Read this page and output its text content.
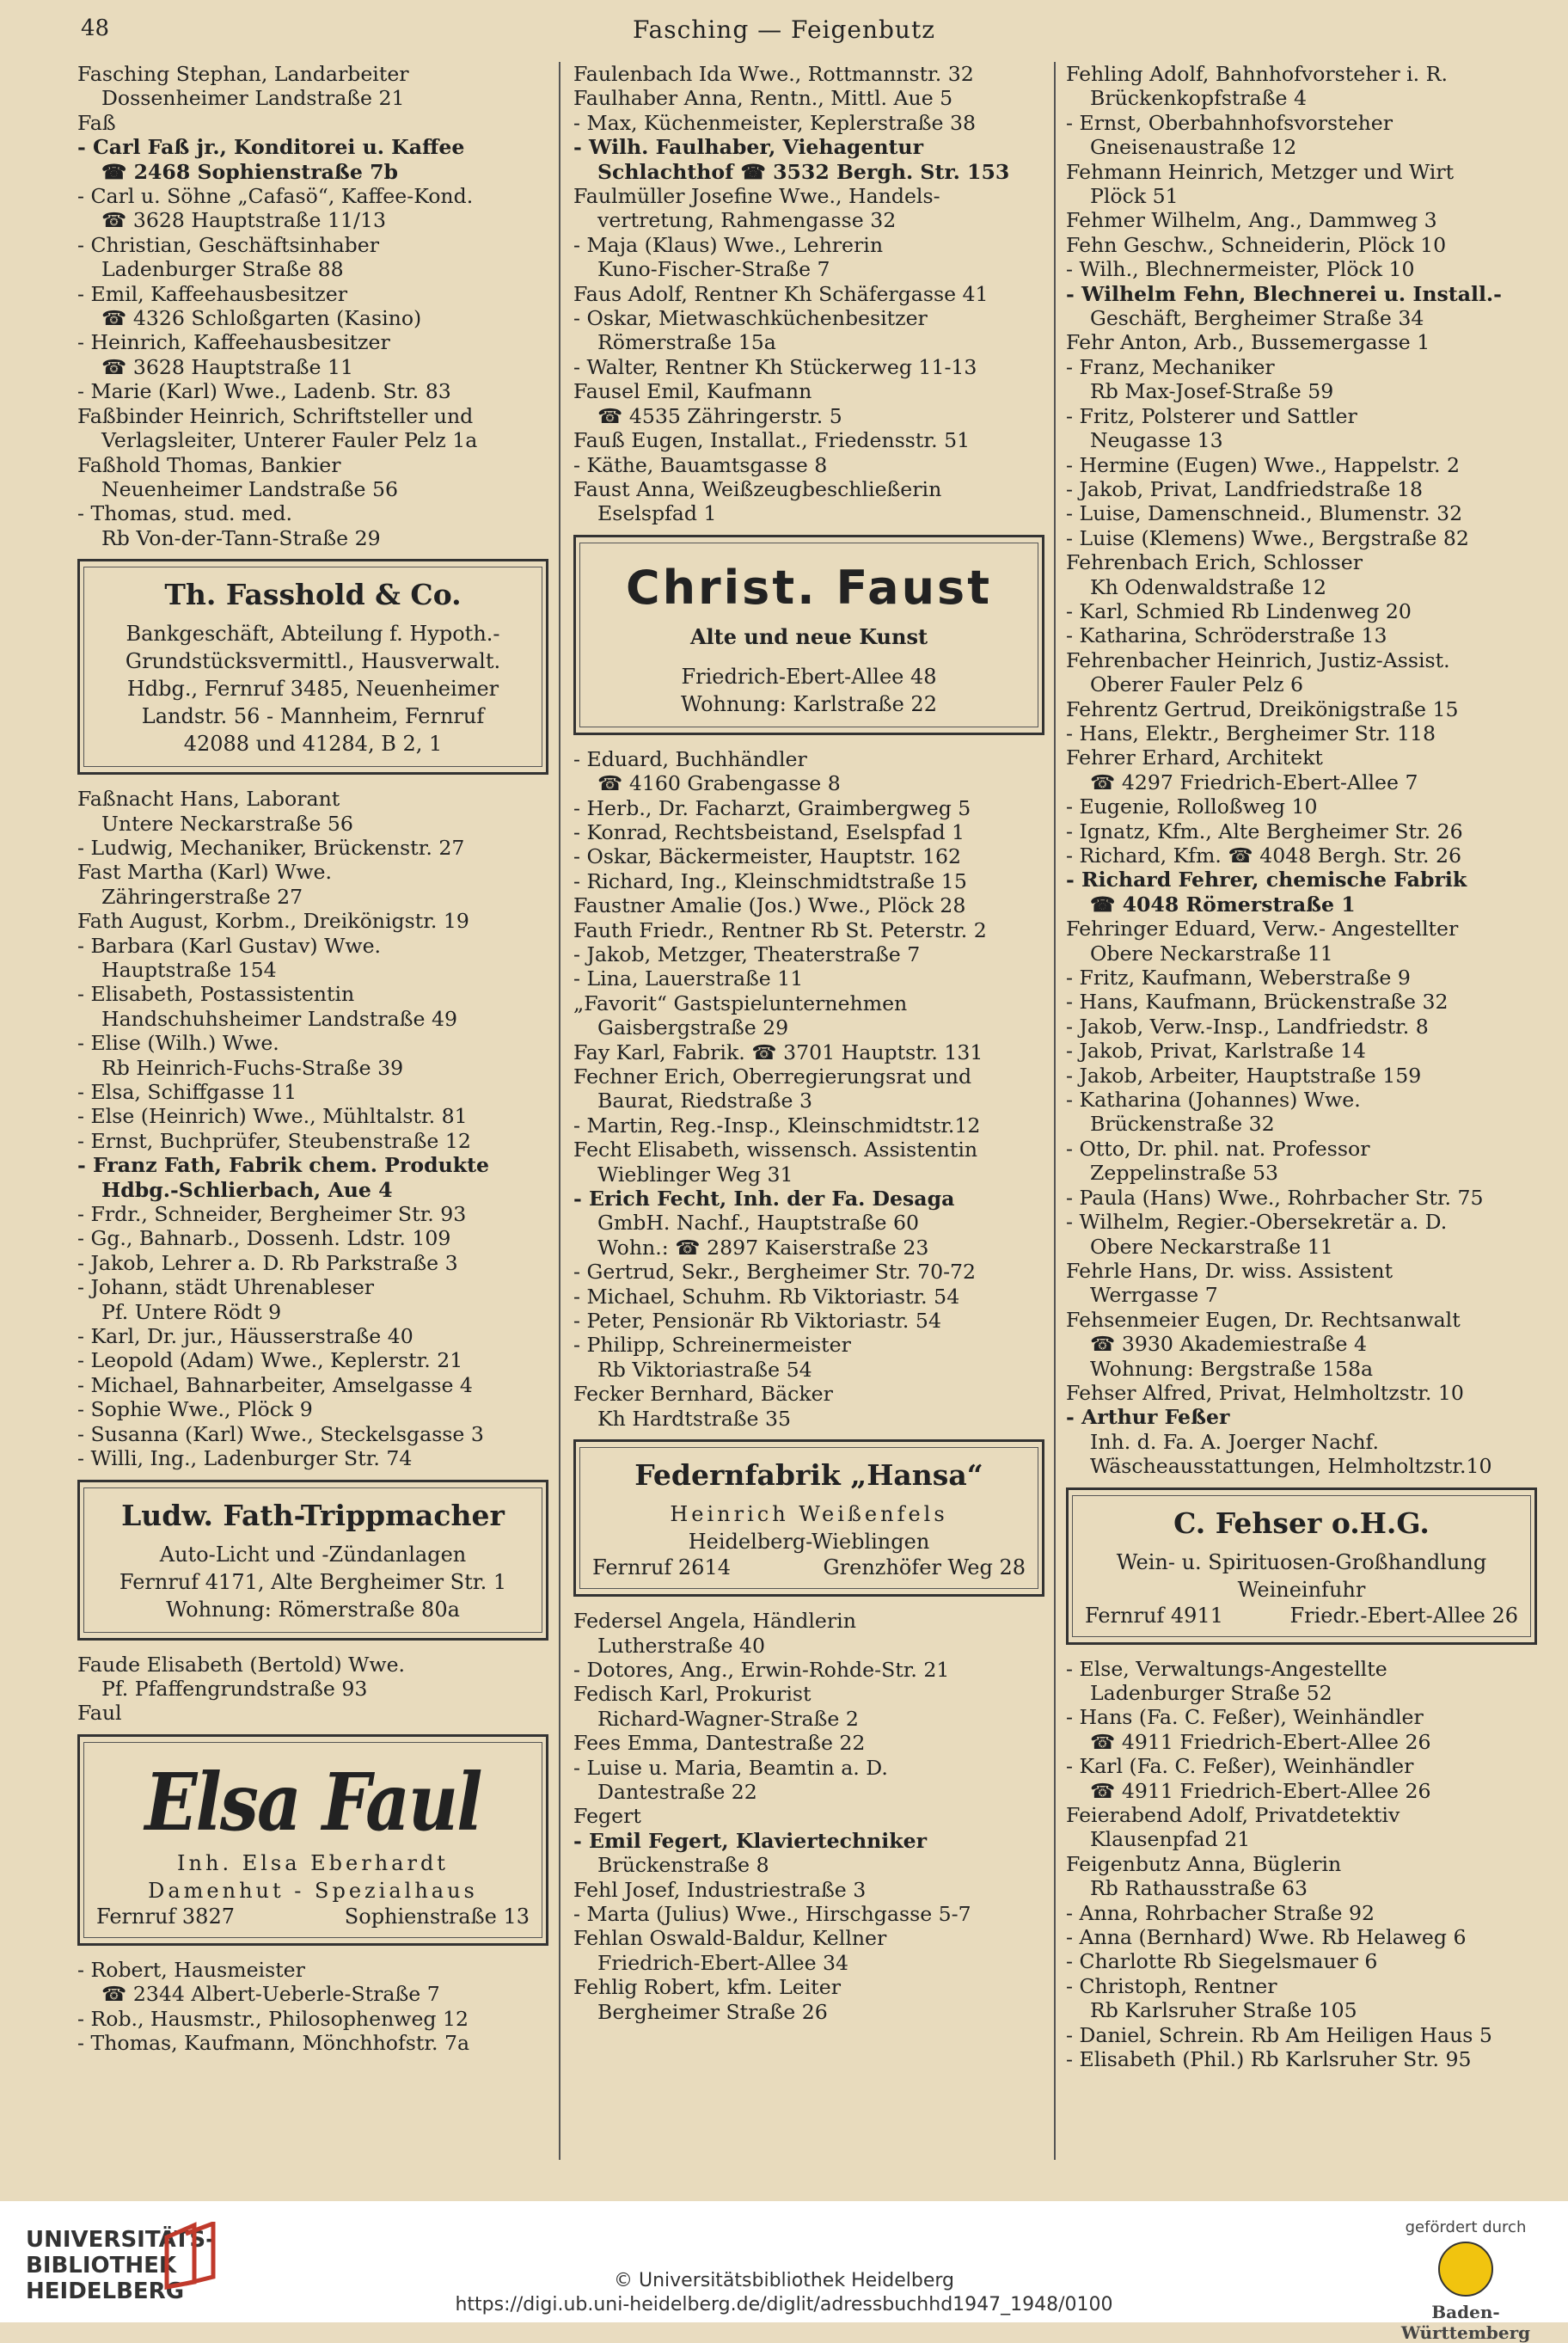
48	Fasching — Feigenbutz
Fasching Stephan, Landarbeiter
Dossenheimer Landstraße 21
Faß
- Carl Faß jr., Konditorei u. Kaffee
☎ 2468 Sophienstraße 7b
- Carl u. Söhne „Cafasö“, Kaffee-Kond.
☎ 3628 Hauptstraße 11/13
- Christian, Geschäftsinhaber
Ladenburger Straße 88
- Emil, Kaffeehausbesitzer
☎ 4326 Schloßgarten (Kasino)
- Heinrich, Kaffeehausbesitzer
☎ 3628 Hauptstraße 11
- Marie (Karl) Wwe., Ladenb. Str. 83
Faßbinder Heinrich, Schriftsteller und
Verlagsleiter, Unterer Fauler Pelz 1a
Faßhold Thomas, Bankier
Neuenheimer Landstraße 56
- Thomas, stud. med.
Rb Von-der-Tann-Straße 29
Th. Fasshold & Co.
Bankgeschäft, Abteilung f. Hypoth.-
Grundstücksvermittl., Hausverwalt.
Hdbg., Fernruf 3485, Neuenheimer
Landstr. 56 - Mannheim, Fernruf
42088 und 41284, B 2, 1
Faßnacht Hans, Laborant
Untere Neckarstraße 56
- Ludwig, Mechaniker, Brückenstr. 27
Fast Martha (Karl) Wwe.
Zähringerstraße 27
Fath August, Korbm., Dreikönigstr. 19
- Barbara (Karl Gustav) Wwe.
Hauptstraße 154
- Elisabeth, Postassistentin
Handschuhsheimer Landstraße 49
- Elise (Wilh.) Wwe.
Rb Heinrich-Fuchs-Straße 39
- Elsa, Schiffgasse 11
- Else (Heinrich) Wwe., Mühltalstr. 81
- Ernst, Buchprüfer, Steubenstraße 12
- Franz Fath, Fabrik chem. Produkte
Hdbg.-Schlierbach, Aue 4
- Frdr., Schneider, Bergheimer Str. 93
- Gg., Bahnarb., Dossenh. Ldstr. 109
- Jakob, Lehrer a. D. Rb Parkstraße 3
- Johann, städt Uhrenableser
Pf. Untere Rödt 9
- Karl, Dr. jur., Häusserstraße 40
- Leopold (Adam) Wwe., Keplerstr. 21
- Michael, Bahnarbeiter, Amselgasse 4
- Sophie Wwe., Plöck 9
- Susanna (Karl) Wwe., Steckelsgasse 3
- Willi, Ing., Ladenburger Str. 74
Ludw. Fath-Trippmacher
Auto-Licht und -Zündanlagen
Fernruf 4171, Alte Bergheimer Str. 1
Wohnung: Römerstraße 80a
Faude Elisabeth (Bertold) Wwe.
Pf. Pfaffengrundstraße 93
Faul
Elsa Faul
Inh. Elsa Eberhardt
Damenhut - Spezialhaus
Fernruf 3827	Sophienstraße 13
- Robert, Hausmeister
☎ 2344 Albert-Ueberle-Straße 7
- Rob., Hausmstr., Philosophenweg 12
- Thomas, Kaufmann, Mönchhofstr. 7a
Faulenbach Ida Wwe., Rottmannstr. 32
Faulhaber Anna, Rentn., Mittl. Aue 5
- Max, Küchenmeister, Keplerstraße 38
- Wilh. Faulhaber, Viehagentur
Schlachthof ☎ 3532 Bergh. Str. 153
Faulmüller Josefine Wwe., Handels-
vertretung, Rahmengasse 32
- Maja (Klaus) Wwe., Lehrerin
Kuno-Fischer-Straße 7
Faus Adolf, Rentner Kh Schäfergasse 41
- Oskar, Mietwaschküchenbesitzer
Römerstraße 15a
- Walter, Rentner Kh Stückerweg 11-13
Fausel Emil, Kaufmann
☎ 4535 Zähringerstr. 5
Fauß Eugen, Installat., Friedensstr. 51
- Käthe, Bauamtsgasse 8
Faust Anna, Weißzeugbeschließerin
Eselspfad 1
Christ. Faust
Alte und neue Kunst
Friedrich-Ebert-Allee 48
Wohnung: Karlstraße 22
- Eduard, Buchhändler
☎ 4160 Grabengasse 8
- Herb., Dr. Facharzt, Graimbergweg 5
- Konrad, Rechtsbeistand, Eselspfad 1
- Oskar, Bäckermeister, Hauptstr. 162
- Richard, Ing., Kleinschmidtstraße 15
Faustner Amalie (Jos.) Wwe., Plöck 28
Fauth Friedr., Rentner Rb St. Peterstr. 2
- Jakob, Metzger, Theaterstraße 7
- Lina, Lauerstraße 11
„Favorit“ Gastspielunternehmen
Gaisbergstraße 29
Fay Karl, Fabrik. ☎ 3701 Hauptstr. 131
Fechner Erich, Oberregierungsrat und
Baurat, Riedstraße 3
- Martin, Reg.-Insp., Kleinschmidtstr.12
Fecht Elisabeth, wissensch. Assistentin
Wieblinger Weg 31
- Erich Fecht, Inh. der Fa. Desaga
GmbH. Nachf., Hauptstraße 60
Wohn.: ☎ 2897 Kaiserstraße 23
- Gertrud, Sekr., Bergheimer Str. 70-72
- Michael, Schuhm. Rb Viktoriastr. 54
- Peter, Pensionär Rb Viktoriastr. 54
- Philipp, Schreinermeister
Rb Viktoriastraße 54
Fecker Bernhard, Bäcker
Kh Hardtstraße 35
Federnfabrik „Hansa“
Heinrich Weißenfels
Heidelberg-Wieblingen
Fernruf 2614	Grenzhöfer Weg 28
Federsel Angela, Händlerin
Lutherstraße 40
- Dotores, Ang., Erwin-Rohde-Str. 21
Fedisch Karl, Prokurist
Richard-Wagner-Straße 2
Fees Emma, Dantestraße 22
- Luise u. Maria, Beamtin a. D.
Dantestraße 22
Fegert
- Emil Fegert, Klaviertechniker
Brückenstraße 8
Fehl Josef, Industriestraße 3
- Marta (Julius) Wwe., Hirschgasse 5-7
Fehlan Oswald-Baldur, Kellner
Friedrich-Ebert-Allee 34
Fehlig Robert, kfm. Leiter
Bergheimer Straße 26
Fehling Adolf, Bahnhofvorsteher i. R.
Brückenkopfstraße 4
- Ernst, Oberbahnhofsvorsteher
Gneisenaustraße 12
Fehmann Heinrich, Metzger und Wirt
Plöck 51
Fehmer Wilhelm, Ang., Dammweg 3
Fehn Geschw., Schneiderin, Plöck 10
- Wilh., Blechnermeister, Plöck 10
- Wilhelm Fehn, Blechnerei u. Install.-
Geschäft, Bergheimer Straße 34
Fehr Anton, Arb., Bussemergasse 1
- Franz, Mechaniker
Rb Max-Josef-Straße 59
- Fritz, Polsterer und Sattler
Neugasse 13
- Hermine (Eugen) Wwe., Happelstr. 2
- Jakob, Privat, Landfriedstraße 18
- Luise, Damenschneid., Blumenstr. 32
- Luise (Klemens) Wwe., Bergstraße 82
Fehrenbach Erich, Schlosser
Kh Odenwaldstraße 12
- Karl, Schmied Rb Lindenweg 20
- Katharina, Schröderstraße 13
Fehrenbacher Heinrich, Justiz-Assist.
Oberer Fauler Pelz 6
Fehrentz Gertrud, Dreikönigstraße 15
- Hans, Elektr., Bergheimer Str. 118
Fehrer Erhard, Architekt
☎ 4297 Friedrich-Ebert-Allee 7
- Eugenie, Rolloßweg 10
- Ignatz, Kfm., Alte Bergheimer Str. 26
- Richard, Kfm. ☎ 4048 Bergh. Str. 26
- Richard Fehrer, chemische Fabrik
☎ 4048 Römerstraße 1
Fehringer Eduard, Verw.- Angestellter
Obere Neckarstraße 11
- Fritz, Kaufmann, Weberstraße 9
- Hans, Kaufmann, Brückenstraße 32
- Jakob, Verw.-Insp., Landfriedstr. 8
- Jakob, Privat, Karlstraße 14
- Jakob, Arbeiter, Hauptstraße 159
- Katharina (Johannes) Wwe.
Brückenstraße 32
- Otto, Dr. phil. nat. Professor
Zeppelinstraße 53
- Paula (Hans) Wwe., Rohrbacher Str. 75
- Wilhelm, Regier.-Obersekretär a. D.
Obere Neckarstraße 11
Fehrle Hans, Dr. wiss. Assistent
Werrgasse 7
Fehsenmeier Eugen, Dr. Rechtsanwalt
☎ 3930 Akademiestraße 4
Wohnung: Bergstraße 158a
Fehser Alfred, Privat, Helmholtzstr. 10
- Arthur Feßer
Inh. d. Fa. A. Joerger Nachf.
Wäscheausstattungen, Helmholtzstr.10
C. Fehser o.H.G.
Wein- u. Spirituosen-Großhandlung
Weineinfuhr
Fernruf 4911	Friedr.-Ebert-Allee 26
- Else, Verwaltungs-Angestellte
Ladenburger Straße 52
- Hans (Fa. C. Feßer), Weinhändler
☎ 4911 Friedrich-Ebert-Allee 26
- Karl (Fa. C. Feßer), Weinhändler
☎ 4911 Friedrich-Ebert-Allee 26
Feierabend Adolf, Privatdetektiv
Klausenpfad 21
Feigenbutz Anna, Büglerin
Rb Rathausstraße 63
- Anna, Rohrbacher Straße 92
- Anna (Bernhard) Wwe. Rb Helaweg 6
- Charlotte Rb Siegelsmauer 6
- Christoph, Rentner
Rb Karlsruher Straße 105
- Daniel, Schrein. Rb Am Heiligen Haus 5
- Elisabeth (Phil.) Rb Karlsruher Str. 95
UNIVERSITÄTS-
BIBLIOTHEK
HEIDELBERG	© Universitätsbibliothek Heidelberg
https://digi.ub.uni-heidelberg.de/diglit/adressbuchhd1947_1948/0100
gefördert durch
Baden-Württemberg
